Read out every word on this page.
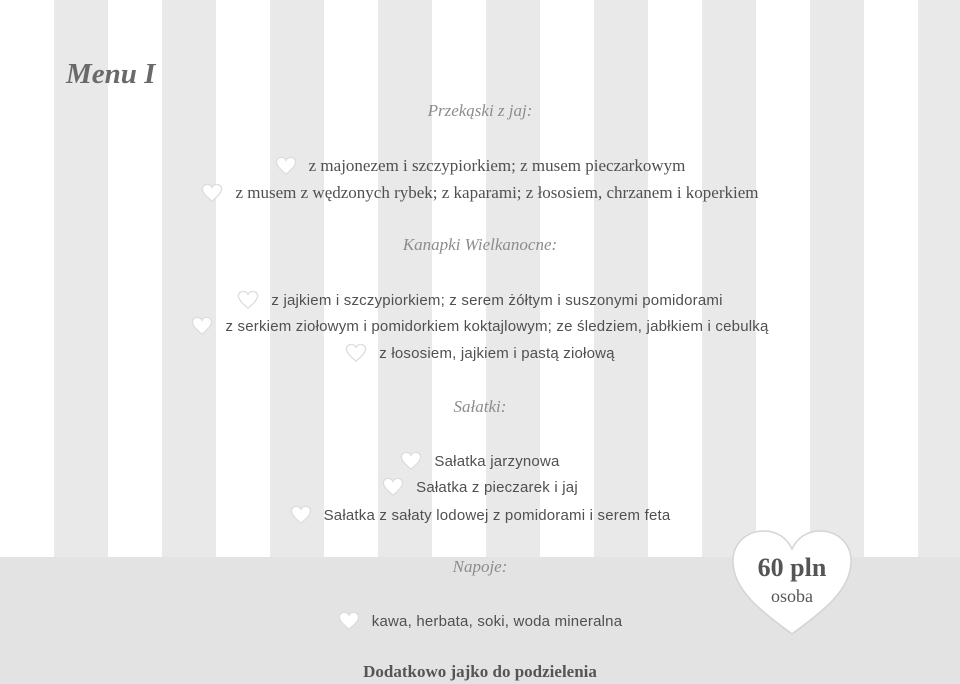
Menu I
Przekąski z jaj:
z majonezem i szczypiorkiem; z musem pieczarkowym
z musem z wędzonych rybek; z kaparami; z łososiem, chrzanem i koperkiem
Kanapki Wielkanocne:
z jajkiem i szczypiorkiem; z serem żółtym i suszonymi pomidorami
z serkiem ziołowym i pomidorkiem koktajlowym; ze śledziem, jabłkiem i cebulką
z łososiem, jajkiem i pastą ziołową
Sałatki:
Sałatka jarzynowa
Sałatka z pieczarek i jaj
Sałatka z sałaty lodowej z pomidorami i serem feta
Napoje:
kawa, herbata, soki, woda mineralna

Dodatkowo jajko do podzielenia

60 pln
osoba
